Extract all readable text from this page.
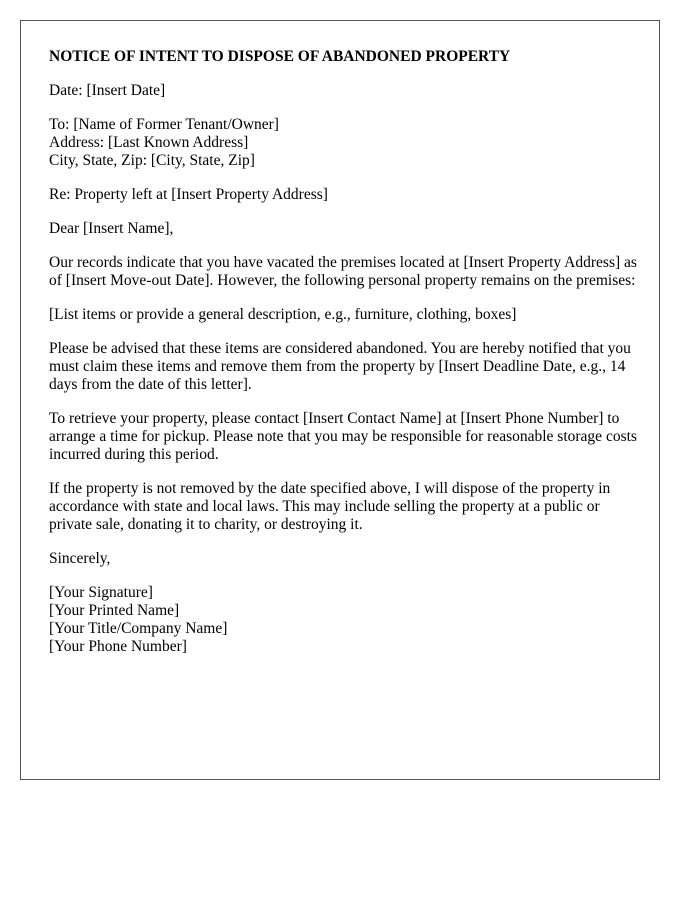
NOTICE OF INTENT TO DISPOSE OF ABANDONED PROPERTY
Date: [Insert Date]
To: [Name of Former Tenant/Owner]
Address: [Last Known Address]
City, State, Zip: [City, State, Zip]
Re: Property left at [Insert Property Address]
Dear [Insert Name],
Our records indicate that you have vacated the premises located at [Insert Property Address] as of [Insert Move-out Date]. However, the following personal property remains on the premises:
[List items or provide a general description, e.g., furniture, clothing, boxes]
Please be advised that these items are considered abandoned. You are hereby notified that you must claim these items and remove them from the property by [Insert Deadline Date, e.g., 14 days from the date of this letter].
To retrieve your property, please contact [Insert Contact Name] at [Insert Phone Number] to arrange a time for pickup. Please note that you may be responsible for reasonable storage costs incurred during this period.
If the property is not removed by the date specified above, I will dispose of the property in accordance with state and local laws. This may include selling the property at a public or private sale, donating it to charity, or destroying it.
Sincerely,
[Your Signature]
[Your Printed Name]
[Your Title/Company Name]
[Your Phone Number]
